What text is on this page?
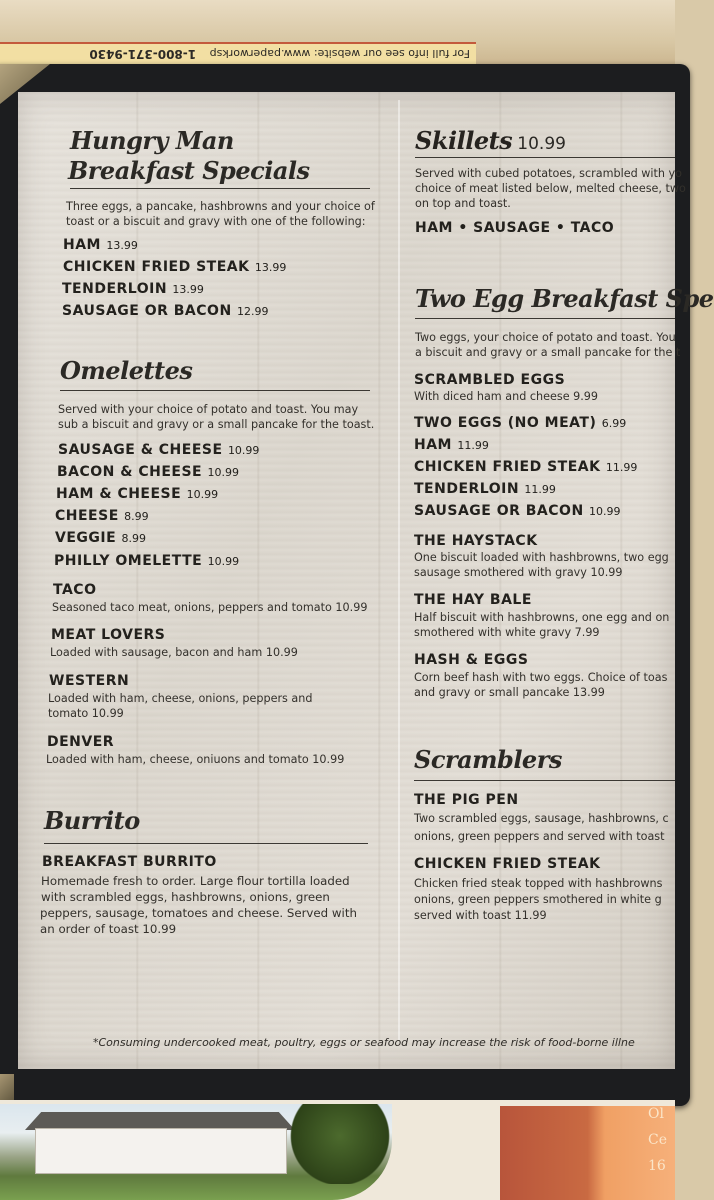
For full info see our website: www.paperworksp 1-800-371-9430
Hungry Man
Breakfast Specials
Three eggs, a pancake, hashbrowns and your choice of
toast or a biscuit and gravy with one of the following:
HAM 13.99
CHICKEN FRIED STEAK 13.99
TENDERLOIN 13.99
SAUSAGE OR BACON 12.99
Omelettes
Served with your choice of potato and toast. You may
sub a biscuit and gravy or a small pancake for the toast.
SAUSAGE & CHEESE 10.99
BACON & CHEESE 10.99
HAM & CHEESE 10.99
CHEESE 8.99
VEGGIE 8.99
PHILLY OMELETTE 10.99
TACO
Seasoned taco meat, onions, peppers and tomato 10.99
MEAT LOVERS
Loaded with sausage, bacon and ham 10.99
WESTERN
Loaded with ham, cheese, onions, peppers and
tomato 10.99
DENVER
Loaded with ham, cheese, oniuons and tomato 10.99
Burrito
BREAKFAST BURRITO
Homemade fresh to order. Large flour tortilla loaded
with scrambled eggs, hashbrowns, onions, green
peppers, sausage, tomatoes and cheese. Served with
an order of toast 10.99
Skillets 10.99
Served with cubed potatoes, scrambled with yo
choice of meat listed below, melted cheese, two
on top and toast.
HAM • SAUSAGE • TACO
Two Egg Breakfast Spe
Two eggs, your choice of potato and toast. You
a biscuit and gravy or a small pancake for the t
SCRAMBLED EGGS
With diced ham and cheese 9.99
TWO EGGS (NO MEAT) 6.99
HAM 11.99
CHICKEN FRIED STEAK 11.99
TENDERLOIN 11.99
SAUSAGE OR BACON 10.99
THE HAYSTACK
One biscuit loaded with hashbrowns, two egg
sausage smothered with gravy 10.99
THE HAY BALE
Half biscuit with hashbrowns, one egg and on
smothered with white gravy 7.99
HASH & EGGS
Corn beef hash with two eggs. Choice of toas
and gravy or small pancake 13.99
Scramblers
THE PIG PEN
Two scrambled eggs, sausage, hashbrowns, c
onions, green peppers and served with toast
CHICKEN FRIED STEAK
Chicken fried steak topped with hashbrowns
onions, green peppers smothered in white g
served with toast 11.99
*Consuming undercooked meat, poultry, eggs or seafood may increase the risk of food-borne illne
Ol
Ce
16
